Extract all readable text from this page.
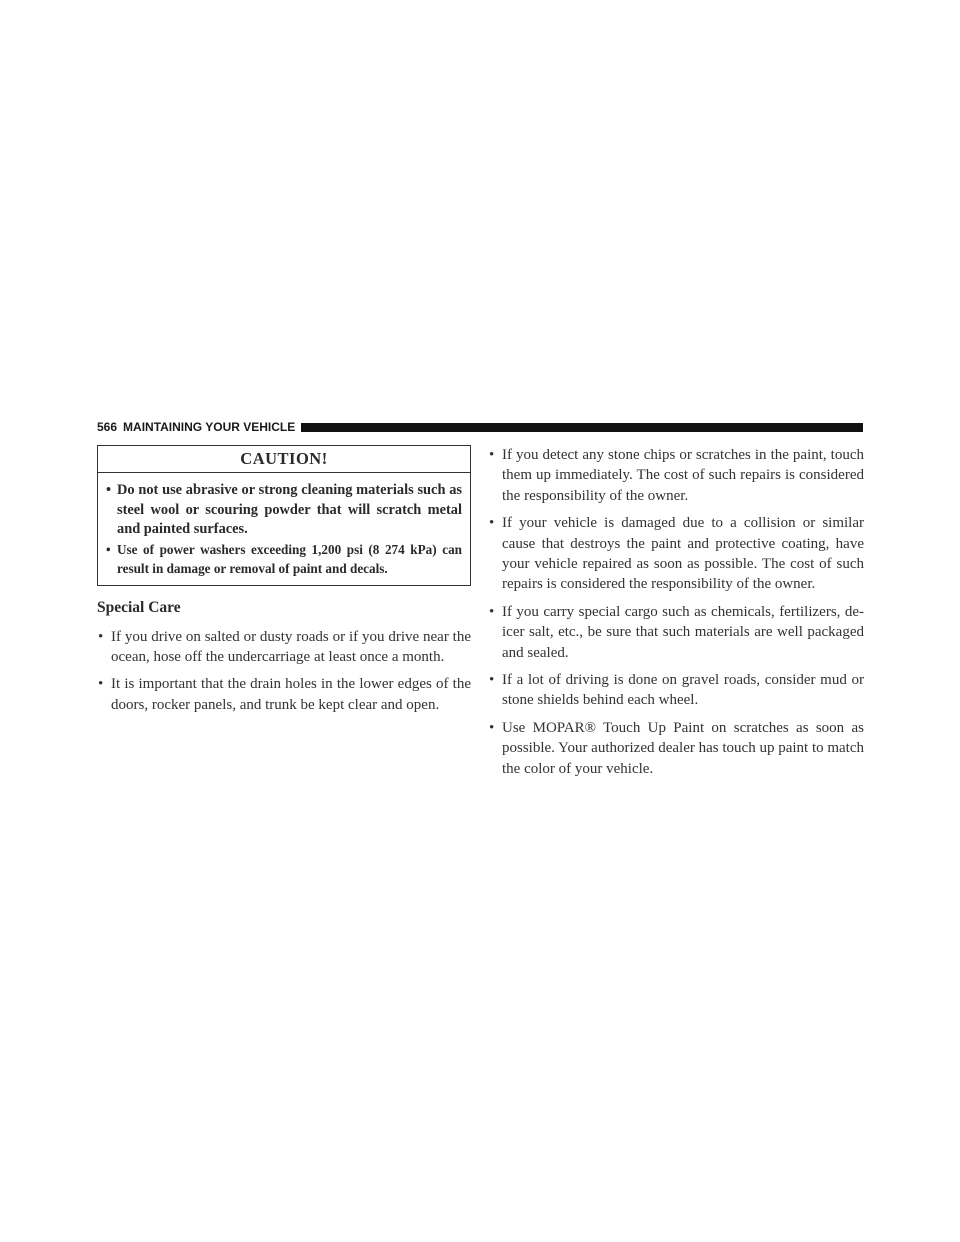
566 MAINTAINING YOUR VEHICLE
CAUTION!
• Do not use abrasive or strong cleaning materials such as steel wool or scouring powder that will scratch metal and painted surfaces.
• Use of power washers exceeding 1,200 psi (8 274 kPa) can result in damage or removal of paint and decals.
Special Care
• If you drive on salted or dusty roads or if you drive near the ocean, hose off the undercarriage at least once a month.
• It is important that the drain holes in the lower edges of the doors, rocker panels, and trunk be kept clear and open.
• If you detect any stone chips or scratches in the paint, touch them up immediately. The cost of such repairs is considered the responsibility of the owner.
• If your vehicle is damaged due to a collision or similar cause that destroys the paint and protective coating, have your vehicle repaired as soon as possible. The cost of such repairs is considered the responsibility of the owner.
• If you carry special cargo such as chemicals, fertilizers, de-icer salt, etc., be sure that such materials are well packaged and sealed.
• If a lot of driving is done on gravel roads, consider mud or stone shields behind each wheel.
• Use MOPAR® Touch Up Paint on scratches as soon as possible. Your authorized dealer has touch up paint to match the color of your vehicle.
